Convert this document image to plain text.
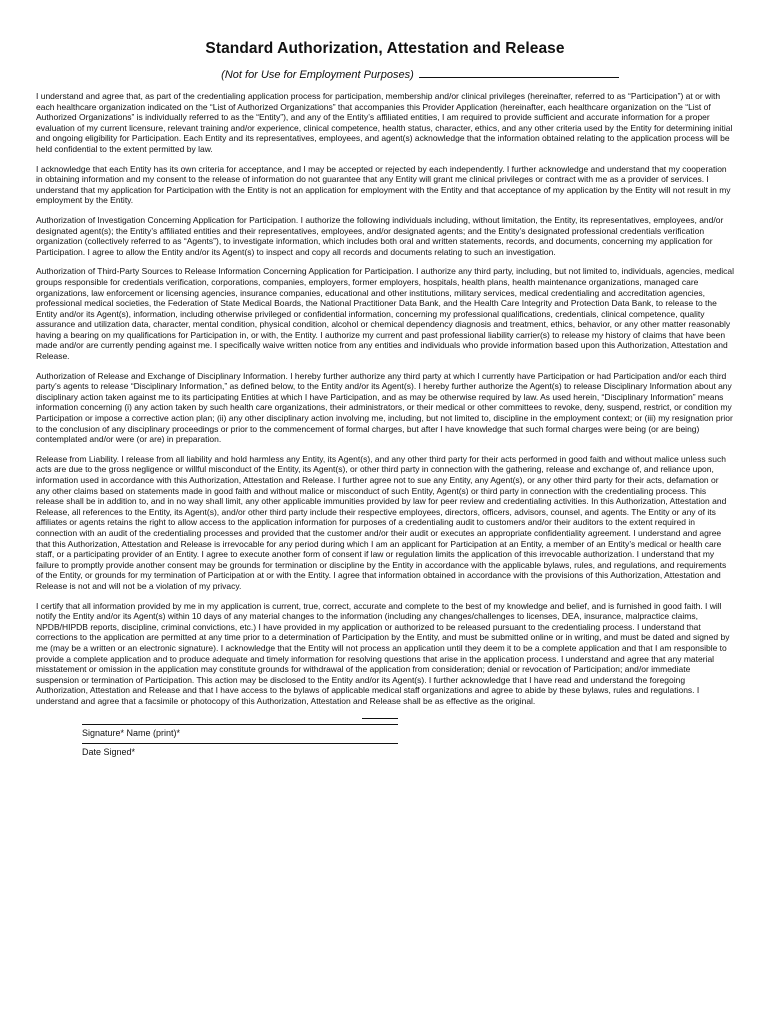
Standard Authorization, Attestation and Release
(Not for Use for Employment Purposes)

I understand and agree that, as part of the credentialing application process for participation, membership and/or clinical privileges (hereinafter, referred to as “Participation”) at or with each healthcare organization indicated on the “List of Authorized Organizations” that accompanies this Provider Application (hereinafter, each healthcare organization on the “List of Authorized Organizations” is individually referred to as the “Entity”), and any of the Entity’s affiliated entities, I am required to provide sufficient and accurate information for a proper evaluation of my current licensure, relevant training and/or experience, clinical competence, health status, character, ethics, and any other criteria used by the Entity for determining initial and ongoing eligibility for Participation. Each Entity and its representatives, employees, and agent(s) acknowledge that the information obtained relating to the application process will be held confidential to the extent permitted by law.

I acknowledge that each Entity has its own criteria for acceptance, and I may be accepted or rejected by each independently. I further acknowledge and understand that my cooperation in obtaining information and my consent to the release of information do not guarantee that any Entity will grant me clinical privileges or contract with me as a provider of services. I understand that my application for Participation with the Entity is not an application for employment with the Entity and that acceptance of my application by the Entity will not result in my employment by the Entity.

Authorization of Investigation Concerning Application for Participation. I authorize the following individuals including, without limitation, the Entity, its representatives, employees, and/or designated agent(s); the Entity’s affiliated entities and their representatives, employees, and/or designated agents; and the Entity’s designated professional credentials verification organization (collectively referred to as “Agents”), to investigate information, which includes both oral and written statements, records, and documents, concerning my application for Participation. I agree to allow the Entity and/or its Agent(s) to inspect and copy all records and documents relating to such an investigation.

Authorization of Third-Party Sources to Release Information Concerning Application for Participation. I authorize any third party, including, but not limited to, individuals, agencies, medical groups responsible for credentials verification, corporations, companies, employers, former employers, hospitals, health plans, health maintenance organizations, managed care organizations, law enforcement or licensing agencies, insurance companies, educational and other institutions, military services, medical credentialing and accreditation agencies, professional medical societies, the Federation of State Medical Boards, the National Practitioner Data Bank, and the Health Care Integrity and Protection Data Bank, to release to the Entity and/or its Agent(s), information, including otherwise privileged or confidential information, concerning my professional qualifications, credentials, clinical competence, quality assurance and utilization data, character, mental condition, physical condition, alcohol or chemical dependency diagnosis and treatment, ethics, behavior, or any other matter reasonably having a bearing on my qualifications for Participation in, or with, the Entity. I authorize my current and past professional liability carrier(s) to release my history of claims that have been made and/or are currently pending against me. I specifically waive written notice from any entities and individuals who provide information based upon this Authorization, Attestation and Release.

Authorization of Release and Exchange of Disciplinary Information. I hereby further authorize any third party at which I currently have Participation or had Participation and/or each third party’s agents to release “Disciplinary Information,” as defined below, to the Entity and/or its Agent(s). I hereby further authorize the Agent(s) to release Disciplinary Information about any disciplinary action taken against me to its participating Entities at which I have Participation, and as may be otherwise required by law. As used herein, “Disciplinary Information” means information concerning (i) any action taken by such health care organizations, their administrators, or their medical or other committees to revoke, deny, suspend, restrict, or condition my Participation or impose a corrective action plan; (ii) any other disciplinary action involving me, including, but not limited to, discipline in the employment context; or (iii) my resignation prior to the conclusion of any disciplinary proceedings or prior to the commencement of formal charges, but after I have knowledge that such formal charges were being (or are being) contemplated and/or were (or are) in preparation.

Release from Liability. I release from all liability and hold harmless any Entity, its Agent(s), and any other third party for their acts performed in good faith and without malice unless such acts are due to the gross negligence or willful misconduct of the Entity, its Agent(s), or other third party in connection with the gathering, release and exchange of, and reliance upon, information used in accordance with this Authorization, Attestation and Release. I further agree not to sue any Entity, any Agent(s), or any other third party for their acts, defamation or any other claims based on statements made in good faith and without malice or misconduct of such Entity, Agent(s) or third party in connection with the credentialing process. This release shall be in addition to, and in no way shall limit, any other applicable immunities provided by law for peer review and credentialing activities. In this Authorization, Attestation and Release, all references to the Entity, its Agent(s), and/or other third party include their respective employees, directors, officers, advisors, counsel, and agents. The Entity or any of its affiliates or agents retains the right to allow access to the application information for purposes of a credentialing audit to customers and/or their auditors to the extent required in connection with an audit of the credentialing processes and provided that the customer and/or their audit or executes an appropriate confidentiality agreement. I understand and agree that this Authorization, Attestation and Release is irrevocable for any period during which I am an applicant for Participation at an Entity, a member of an Entity’s medical or health care staff, or a participating provider of an Entity. I agree to execute another form of consent if law or regulation limits the application of this irrevocable authorization. I understand that my failure to promptly provide another consent may be grounds for termination or discipline by the Entity in accordance with the applicable bylaws, rules, and regulations, and requirements of the Entity, or grounds for my termination of Participation at or with the Entity. I agree that information obtained in accordance with the provisions of this Authorization, Attestation and Release is not and will not be a violation of my privacy.

I certify that all information provided by me in my application is current, true, correct, accurate and complete to the best of my knowledge and belief, and is furnished in good faith. I will notify the Entity and/or its Agent(s) within 10 days of any material changes to the information (including any changes/challenges to licenses, DEA, insurance, malpractice claims, NPDB/HIPDB reports, discipline, criminal convictions, etc.) I have provided in my application or authorized to be released pursuant to the credentialing process. I understand that corrections to the application are permitted at any time prior to a determination of Participation by the Entity, and must be submitted online or in writing, and must be dated and signed by me (may be a written or an electronic signature). I acknowledge that the Entity will not process an application until they deem it to be a complete application and that I am responsible to provide a complete application and to produce adequate and timely information for resolving questions that arise in the application process. I understand and agree that any material misstatement or omission in the application may constitute grounds for withdrawal of the application from consideration; denial or revocation of Participation; and/or immediate suspension or termination of Participation. This action may be disclosed to the Entity and/or its Agent(s). I further acknowledge that I have read and understand the foregoing Authorization, Attestation and Release and that I have access to the bylaws of applicable medical staff organizations and agree to abide by these bylaws, rules and regulations. I understand and agree that a facsimile or photocopy of this Authorization, Attestation and Release shall be as effective as the original.

Signature* Name (print)*
Date Signed*
